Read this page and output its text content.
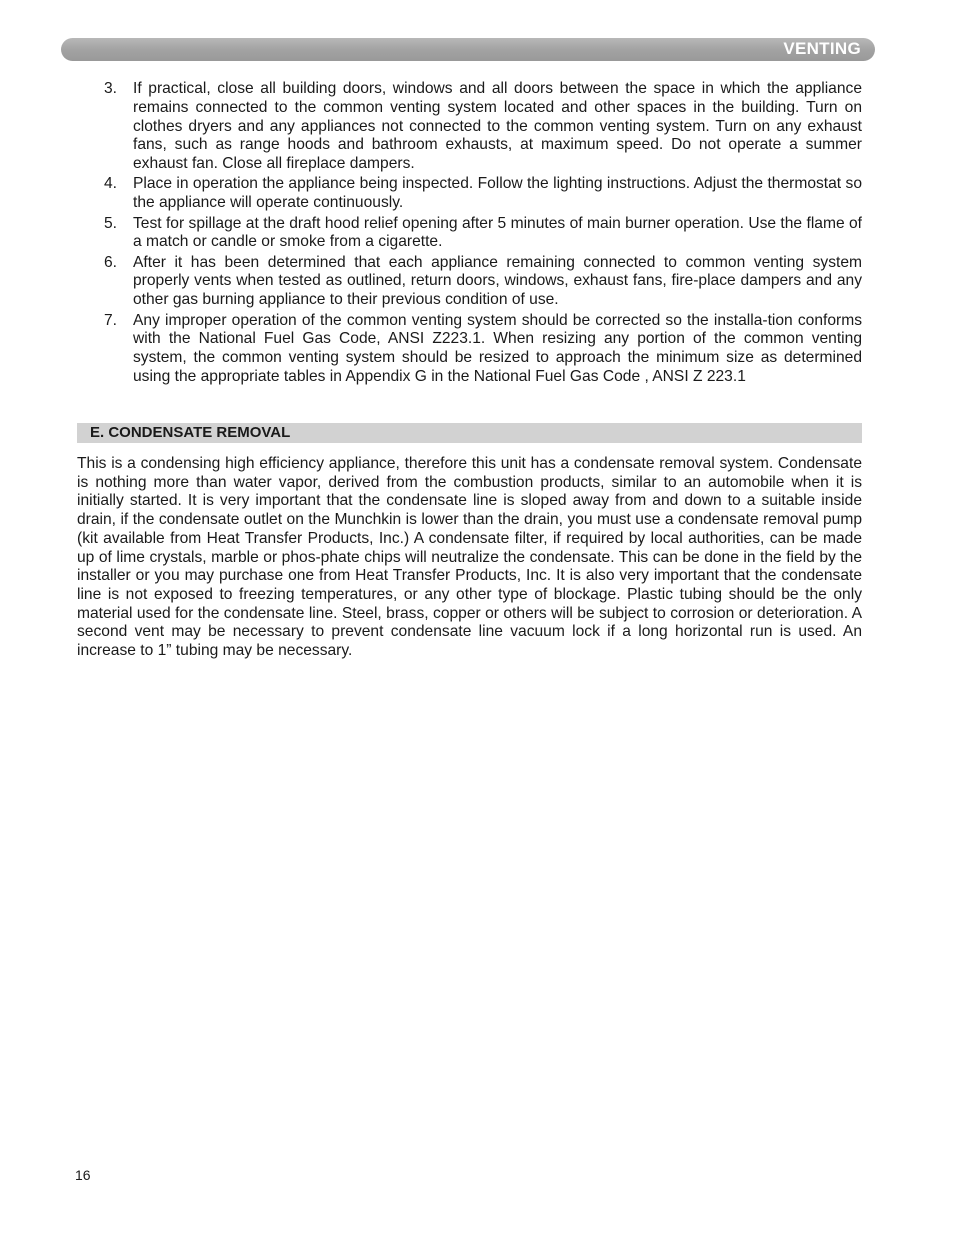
VENTING
3. If practical, close all building doors, windows and all doors between the space in which the appliance remains connected to the common venting system located and other spaces in the building. Turn on clothes dryers and any appliances not connected to the common venting system. Turn on any exhaust fans, such as range hoods and bathroom exhausts, at maximum speed. Do not operate a summer exhaust fan. Close all fireplace dampers.
4. Place in operation the appliance being inspected. Follow the lighting instructions. Adjust the thermostat so the appliance will operate continuously.
5. Test for spillage at the draft hood relief opening after 5 minutes of main burner operation. Use the flame of a match or candle or smoke from a cigarette.
6. After it has been determined that each appliance remaining connected to common venting system properly vents when tested as outlined, return doors, windows, exhaust fans, fire-place dampers and any other gas burning appliance to their previous condition of use.
7. Any improper operation of the common venting system should be corrected so the installa-tion conforms with the National Fuel Gas Code, ANSI Z223.1. When resizing any portion of the common venting system, the common venting system should be resized to approach the minimum size as determined using the appropriate tables in Appendix G in the National Fuel Gas Code , ANSI Z 223.1
E. CONDENSATE REMOVAL

This is a condensing high efficiency appliance, therefore this unit has a condensate removal system. Condensate is nothing more than water vapor, derived from the combustion products, similar to an automobile when it is initially started. It is very important that the condensate line is sloped away from and down to a suitable inside drain, if the condensate outlet on the Munchkin is lower than the drain, you must use a condensate removal pump (kit available from Heat Transfer Products, Inc.) A condensate filter, if required by local authorities, can be made up of lime crystals, marble or phos-phate chips will neutralize the condensate. This can be done in the field by the installer or you may purchase one from Heat Transfer Products, Inc. It is also very important that the condensate line is not exposed to freezing temperatures, or any other type of blockage. Plastic tubing should be the only material used for the condensate line. Steel, brass, copper or others will be subject to corrosion or deterioration. A second vent may be necessary to prevent condensate line vacuum lock if a long horizontal run is used. An increase to 1” tubing may be necessary.

16
